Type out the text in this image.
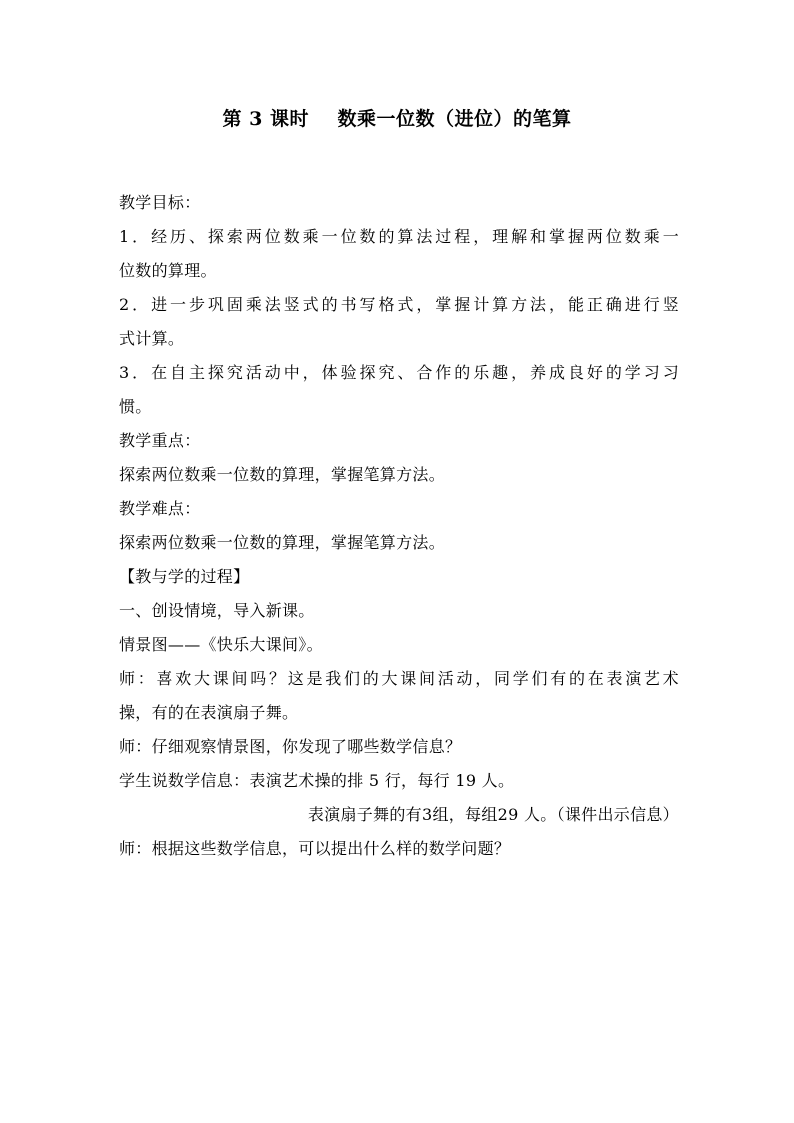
第 3 课时    数乘一位数（进位）的笔算
教学目标：
1．经历、探索两位数乘一位数的算法过程，理解和掌握两位数乘一
位数的算理。
2．进一步巩固乘法竖式的书写格式，掌握计算方法，能正确进行竖
式计算。
3．在自主探究活动中，体验探究、合作的乐趣，养成良好的学习习
惯。
教学重点：
探索两位数乘一位数的算理，掌握笔算方法。
教学难点：
探索两位数乘一位数的算理，掌握笔算方法。
【教与学的过程】
一、创设情境，导入新课。
情景图——《快乐大课间》。
师：喜欢大课间吗？这是我们的大课间活动，同学们有的在表演艺术
操，有的在表演扇子舞。
师：仔细观察情景图，你发现了哪些数学信息？
学生说数学信息：表演艺术操的排 5 行，每行 19 人。
表演扇子舞的有3组，每组29 人。（课件出示信息）
师：根据这些数学信息，可以提出什么样的数学问题？
